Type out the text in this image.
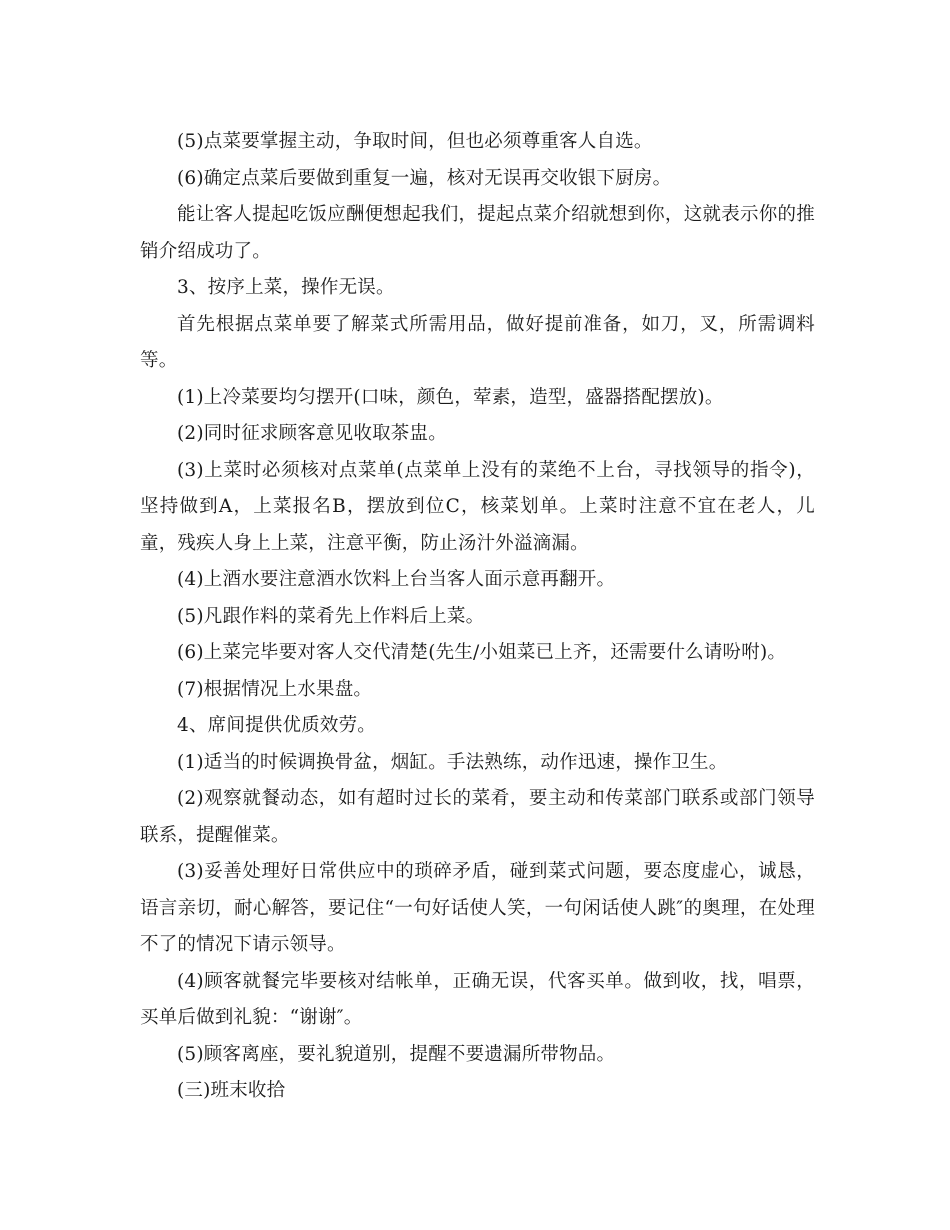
(5)点菜要掌握主动，争取时间，但也必须尊重客人自选。

(6)确定点菜后要做到重复一遍，核对无误再交收银下厨房。

能让客人提起吃饭应酬便想起我们，提起点菜介绍就想到你，这就表示你的推销介绍成功了。

3、按序上菜，操作无误。

首先根据点菜单要了解菜式所需用品，做好提前准备，如刀，叉，所需调料等。

(1)上冷菜要均匀摆开(口味，颜色，荤素，造型，盛器搭配摆放)。

(2)同时征求顾客意见收取茶盅。

(3)上菜时必须核对点菜单(点菜单上没有的菜绝不上台，寻找领导的指令)，坚持做到A，上菜报名B，摆放到位C，核菜划单。上菜时注意不宜在老人，儿童，残疾人身上上菜，注意平衡，防止汤汁外溢滴漏。

(4)上酒水要注意酒水饮料上台当客人面示意再翻开。

(5)凡跟作料的菜肴先上作料后上菜。

(6)上菜完毕要对客人交代清楚(先生/小姐菜已上齐，还需要什么请吩咐)。

(7)根据情况上水果盘。

4、席间提供优质效劳。

(1)适当的时候调换骨盆，烟缸。手法熟练，动作迅速，操作卫生。

(2)观察就餐动态，如有超时过长的菜肴，要主动和传菜部门联系或部门领导联系，提醒催菜。

(3)妥善处理好日常供应中的琐碎矛盾，碰到菜式问题，要态度虚心，诚恳，语言亲切，耐心解答，要记住“一句好话使人笑，一句闲话使人跳″的奥理，在处理不了的情况下请示领导。

(4)顾客就餐完毕要核对结帐单，正确无误，代客买单。做到收，找，唱票，买单后做到礼貌：“谢谢″。

(5)顾客离座，要礼貌道别，提醒不要遗漏所带物品。

(三)班末收拾
